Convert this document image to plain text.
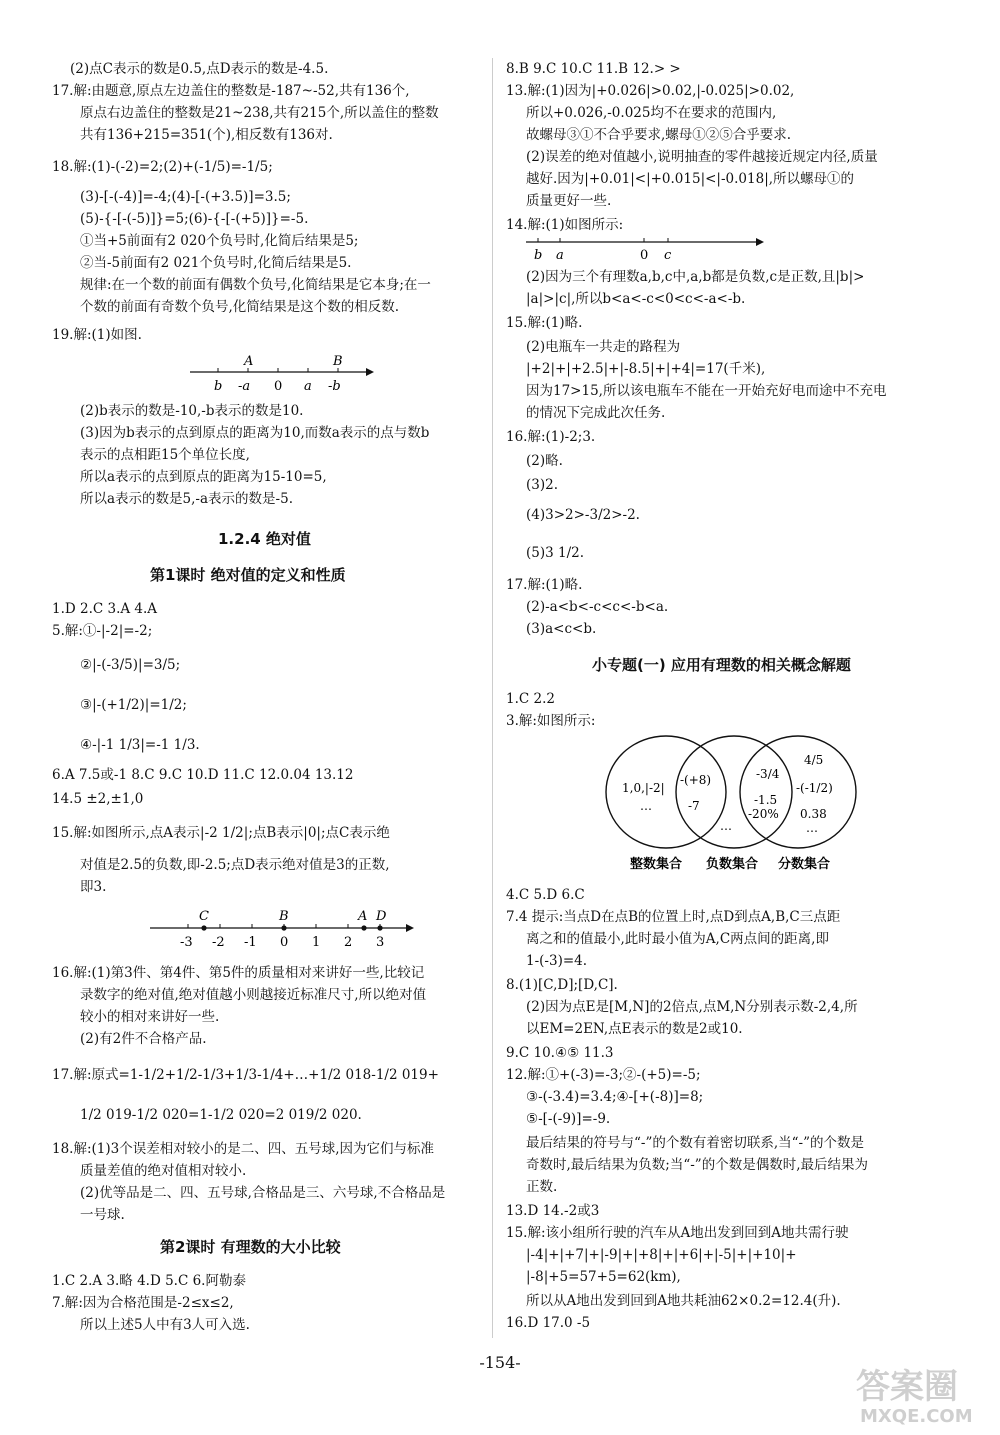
(2)点C表示的数是0.5,点D表示的数是-4.5.
17.解:由题意,原点左边盖住的整数是-187~-52,共有136个,
原点右边盖住的整数是21~238,共有215个,所以盖住的整数
共有136+215=351(个),相反数有136对.
18.解:(1)-(-2)=2;(2)+(-1/5)=-1/5;
(3)-[-(-4)]=-4;(4)-[-(+3.5)]=3.5;
(5)-{-[-(-5)]}=5;(6)-{-[-(+5)]}=-5.
①当+5前面有2 020个负号时,化简后结果是5;
②当-5前面有2 021个负号时,化简后结果是5.
规律:在一个数的前面有偶数个负号,化简结果是它本身;在一
个数的前面有奇数个负号,化简结果是这个数的相反数.
19.解:(1)如图.
b -a 0 a -b
A	B
(2)b表示的数是-10,-b表示的数是10.
(3)因为b表示的点到原点的距离为10,而数a表示的点与数b
表示的点相距15个单位长度,
所以a表示的点到原点的距离为15-10=5,
所以a表示的数是5,-a表示的数是-5.
1.2.4 绝对值
第1课时 绝对值的定义和性质
1.D 2.C 3.A 4.A
5.解:①-|-2|=-2;
②|-(-3/5)|=3/5;
③|-(+1/2)|=1/2;
④-|-1 1/3|=-1 1/3.
6.A 7.5或-1 8.C 9.C 10.D 11.C 12.0.04 13.12
14.5 ±2,±1,0
15.解:如图所示,点A表示|-2 1/2|;点B表示|0|;点C表示绝
对值是2.5的负数,即-2.5;点D表示绝对值是3的正数,
即3.
-3 -2 -1 0 1 2 3
C	B	A D
16.解:(1)第3件、第4件、第5件的质量相对来讲好一些,比较记
录数字的绝对值,绝对值越小则越接近标准尺寸,所以绝对值
较小的相对来讲好一些.
(2)有2件不合格产品.
17.解:原式=1-1/2+1/2-1/3+1/3-1/4+…+1/2 018-1/2 019+
1/2 019-1/2 020=1-1/2 020=2 019/2 020.
18.解:(1)3个误差相对较小的是二、四、五号球,因为它们与标准
质量差值的绝对值相对较小.
(2)优等品是二、四、五号球,合格品是三、六号球,不合格品是
一号球.
第2课时 有理数的大小比较
1.C 2.A 3.略 4.D 5.C 6.阿勒泰
7.解:因为合格范围是-2≤x≤2,
所以上述5人中有3人可入选.
8.B 9.C 10.C 11.B 12.> >
13.解:(1)因为|+0.026|>0.02,|-0.025|>0.02,
所以+0.026,-0.025均不在要求的范围内,
故螺母③①不合乎要求,螺母①②⑤合乎要求.
(2)误差的绝对值越小,说明抽查的零件越接近规定内径,质量
越好.因为|+0.01|<|+0.015|<|-0.018|,所以螺母①的
质量更好一些.
14.解:(1)如图所示:
b a	0 c
(2)因为三个有理数a,b,c中,a,b都是负数,c是正数,且|b|>
|a|>|c|,所以b<a<-c<0<c<-a<-b.
15.解:(1)略.
(2)电瓶车一共走的路程为
|+2|+|+2.5|+|-8.5|+|+4|=17(千米),
因为17>15,所以该电瓶车不能在一开始充好电而途中不充电
的情况下完成此次任务.
16.解:(1)-2;3.
(2)略.
(3)2.
(4)3>2>-3/2>-2.
(5)3 1/2.
17.解:(1)略.
(2)-a<b<-c<c<-b<a.
(3)a<c<b.
小专题(一) 应用有理数的相关概念解题
1.C 2.2
3.解:如图所示:
1,0,|-2|
…
-(+8)
-7
…
-3/4
-1.5
-20%
4/5
-(-1/2)
0.38
…
整数集合 负数集合 分数集合
4.C 5.D 6.C
7.4 提示:当点D在点B的位置上时,点D到点A,B,C三点距
离之和的值最小,此时最小值为A,C两点间的距离,即
1-(-3)=4.
8.(1)[C,D];[D,C].
(2)因为点E是[M,N]的2倍点,点M,N分别表示数-2,4,所
以EM=2EN,点E表示的数是2或10.
9.C 10.④⑤ 11.3
12.解:①+(-3)=-3;②-(+5)=-5;
③-(-3.4)=3.4;④-[+(-8)]=8;
⑤-[-(-9)]=-9.
最后结果的符号与“-”的个数有着密切联系,当“-”的个数是
奇数时,最后结果为负数;当“-”的个数是偶数时,最后结果为
正数.
13.D 14.-2或3
15.解:该小组所行驶的汽车从A地出发到回到A地共需行驶
|-4|+|+7|+|-9|+|+8|+|+6|+|-5|+|+10|+
|-8|+5=57+5=62(km),
所以从A地出发到回到A地共耗油62×0.2=12.4(升).
16.D 17.0 -5
-154-
答案圈
MXQE.COM
